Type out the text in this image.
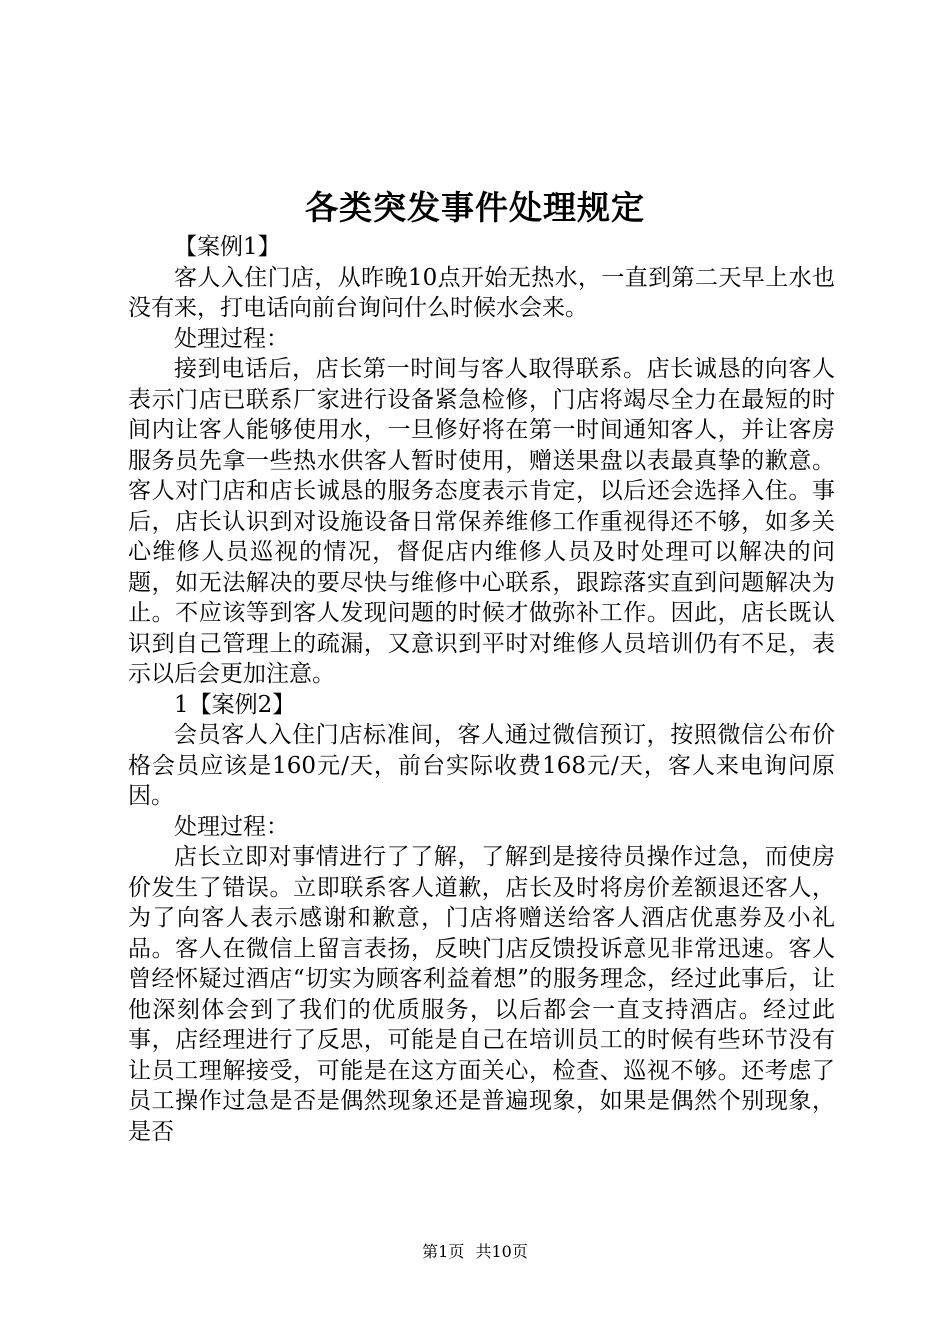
各类突发事件处理规定

【案例1】

客人入住门店，从昨晚10点开始无热水，一直到第二天早上水也没有来，打电话向前台询问什么时候水会来。

处理过程：

接到电话后，店长第一时间与客人取得联系。店长诚恳的向客人表示门店已联系厂家进行设备紧急检修，门店将竭尽全力在最短的时间内让客人能够使用水，一旦修好将在第一时间通知客人，并让客房服务员先拿一些热水供客人暂时使用，赠送果盘以表最真挚的歉意。客人对门店和店长诚恳的服务态度表示肯定，以后还会选择入住。事后，店长认识到对设施设备日常保养维修工作重视得还不够，如多关心维修人员巡视的情况，督促店内维修人员及时处理可以解决的问题，如无法解决的要尽快与维修中心联系，跟踪落实直到问题解决为止。不应该等到客人发现问题的时候才做弥补工作。因此，店长既认识到自己管理上的疏漏，又意识到平时对维修人员培训仍有不足，表示以后会更加注意。

1【案例2】

会员客人入住门店标准间，客人通过微信预订，按照微信公布价格会员应该是160元/天，前台实际收费168元/天，客人来电询问原因。

处理过程：

店长立即对事情进行了了解，了解到是接待员操作过急，而使房价发生了错误。立即联系客人道歉，店长及时将房价差额退还客人，为了向客人表示感谢和歉意，门店将赠送给客人酒店优惠券及小礼品。客人在微信上留言表扬，反映门店反馈投诉意见非常迅速。客人曾经怀疑过酒店“切实为顾客利益着想”的服务理念，经过此事后，让他深刻体会到了我们的优质服务，以后都会一直支持酒店。经过此事，店经理进行了反思，可能是自己在培训员工的时候有些环节没有让员工理解接受，可能是在这方面关心，检查、巡视不够。还考虑了员工操作过急是否是偶然现象还是普遍现象，如果是偶然个别现象，是否

第1页 共10页
